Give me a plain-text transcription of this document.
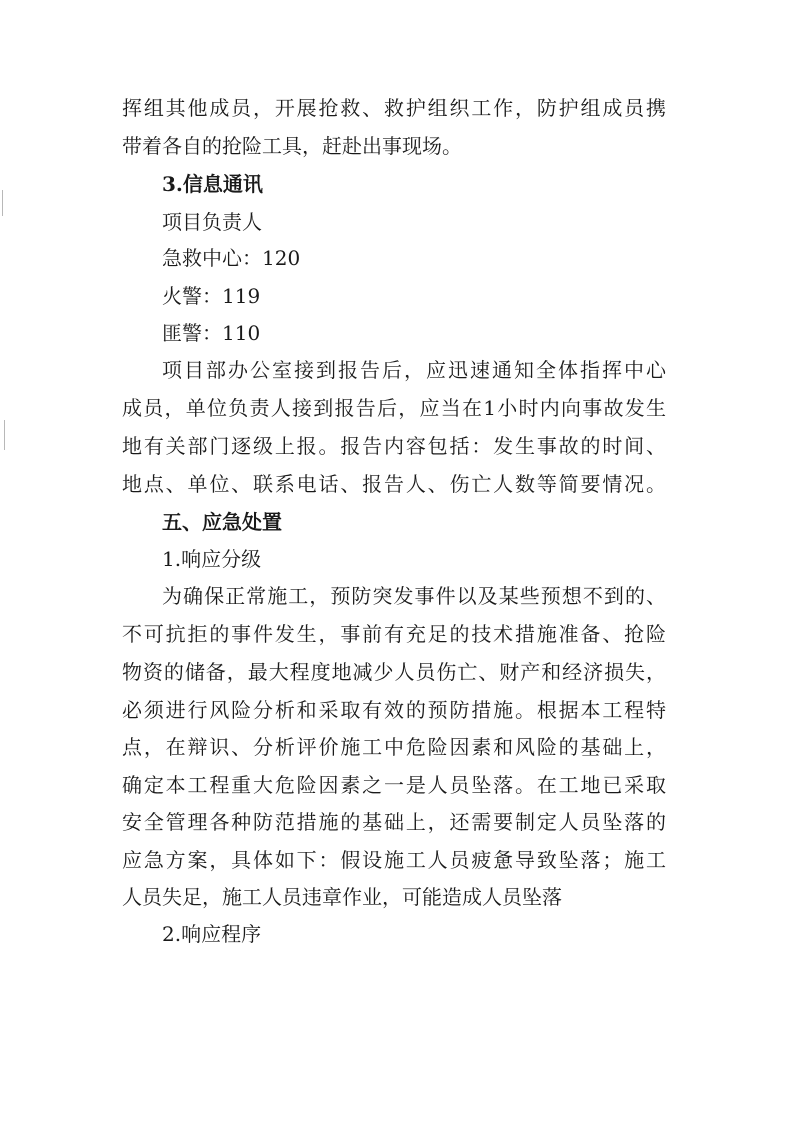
挥组其他成员，开展抢救、救护组织工作，防护组成员携
带着各自的抢险工具，赶赴出事现场。
3.信息通讯
项目负责人
急救中心：120
火警：119
匪警：110
项目部办公室接到报告后，应迅速通知全体指挥中心
成员，单位负责人接到报告后，应当在1小时内向事故发生
地有关部门逐级上报。报告内容包括：发生事故的时间、
地点、单位、联系电话、报告人、伤亡人数等简要情况。
五、应急处置
1.响应分级
为确保正常施工，预防突发事件以及某些预想不到的、
不可抗拒的事件发生，事前有充足的技术措施准备、抢险
物资的储备，最大程度地减少人员伤亡、财产和经济损失，
必须进行风险分析和采取有效的预防措施。根据本工程特
点，在辩识、分析评价施工中危险因素和风险的基础上，
确定本工程重大危险因素之一是人员坠落。在工地已采取
安全管理各种防范措施的基础上，还需要制定人员坠落的
应急方案，具体如下：假设施工人员疲惫导致坠落；施工
人员失足，施工人员违章作业，可能造成人员坠落
2.响应程序
